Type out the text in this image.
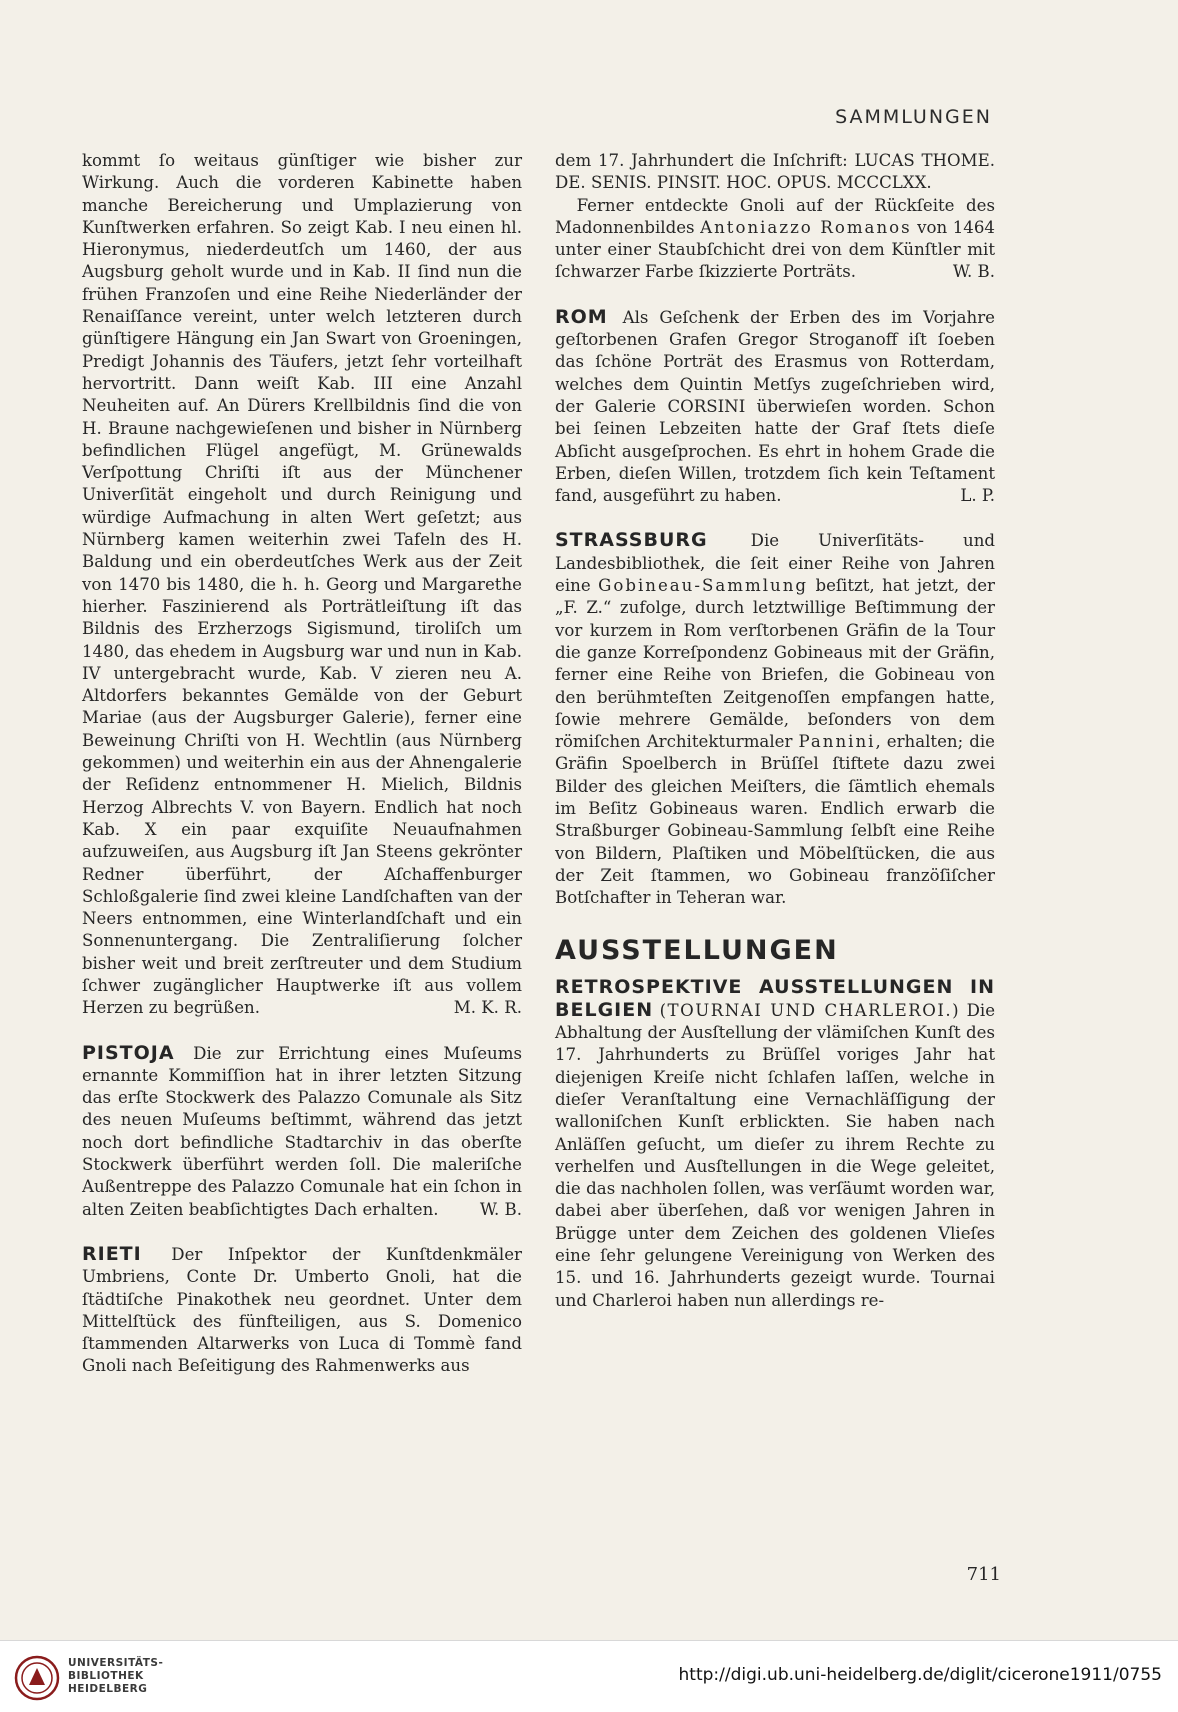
SAMMLUNGEN

kommt ſo weitaus günſtiger wie bisher zur Wirkung. Auch die vorderen Kabinette haben manche Bereicherung und Umplazierung von Kunſtwerken erfahren. So zeigt Kab. I neu einen hl. Hieronymus, niederdeutſch um 1460, der aus Augsburg geholt wurde und in Kab. II ſind nun die frühen Franzoſen und eine Reihe Niederländer der Renaiſſance vereint, unter welch letzteren durch günſtigere Hängung ein Jan Swart von Groeningen, Predigt Johannis des Täufers, jetzt ſehr vorteilhaft hervortritt. Dann weiſt Kab. III eine Anzahl Neuheiten auf. An Dürers Krellbildnis ſind die von H. Braune nachgewieſenen und bisher in Nürnberg befindlichen Flügel angefügt, M. Grünewalds Verſpottung Chriſti iſt aus der Münchener Univerſität eingeholt und durch Reinigung und würdige Aufmachung in alten Wert geſetzt; aus Nürnberg kamen weiterhin zwei Tafeln des H. Baldung und ein oberdeutſches Werk aus der Zeit von 1470 bis 1480, die h. h. Georg und Margarethe hierher. Faszinierend als Porträtleiſtung iſt das Bildnis des Erzherzogs Sigismund, tiroliſch um 1480, das ehedem in Augsburg war und nun in Kab. IV untergebracht wurde, Kab. V zieren neu A. Altdorfers bekanntes Gemälde von der Geburt Mariae (aus der Augsburger Galerie), ferner eine Beweinung Chriſti von H. Wechtlin (aus Nürnberg gekommen) und weiterhin ein aus der Ahnengalerie der Reſidenz entnommener H. Mielich, Bildnis Herzog Albrechts V. von Bayern. Endlich hat noch Kab. X ein paar exquiſite Neuaufnahmen aufzuweiſen, aus Augsburg iſt Jan Steens gekrönter Redner überführt, der Aſchaffenburger Schloßgalerie ſind zwei kleine Landſchaften van der Neers entnommen, eine Winterlandſchaft und ein Sonnenuntergang. Die Zentraliſierung ſolcher bisher weit und breit zerſtreuter und dem Studium ſchwer zugänglicher Hauptwerke iſt aus vollem Herzen zu begrüßen.	M. K. R.

PISTOJA Die zur Errichtung eines Muſeums ernannte Kommiſſion hat in ihrer letzten Sitzung das erſte Stockwerk des Palazzo Comunale als Sitz des neuen Muſeums beſtimmt, während das jetzt noch dort befindliche Stadtarchiv in das oberſte Stockwerk überführt werden ſoll. Die maleriſche Außentreppe des Palazzo Comunale hat ein ſchon in alten Zeiten beabſichtigtes Dach erhalten.	W. B.

RIETI Der Inſpektor der Kunſtdenkmäler Umbriens, Conte Dr. Umberto Gnoli, hat die ſtädtiſche Pinakothek neu geordnet. Unter dem Mittelſtück des fünfteiligen, aus S. Domenico ſtammenden Altarwerks von Luca di Tommè fand Gnoli nach Beſeitigung des Rahmenwerks aus

dem 17. Jahrhundert die Inſchrift: LUCAS THOME. DE. SENIS. PINSIT. HOC. OPUS. MCCCLXX.

Ferner entdeckte Gnoli auf der Rückſeite des Madonnenbildes Antoniazzo Romanos von 1464 unter einer Staubſchicht drei von dem Künſtler mit ſchwarzer Farbe ſkizzierte Porträts.	W. B.

ROM Als Geſchenk der Erben des im Vorjahre geſtorbenen Grafen Gregor Stroganoff iſt ſoeben das ſchöne Porträt des Erasmus von Rotterdam, welches dem Quintin Metſys zugeſchrieben wird, der Galerie CORSINI überwieſen worden. Schon bei ſeinen Lebzeiten hatte der Graf ſtets dieſe Abſicht ausgeſprochen. Es ehrt in hohem Grade die Erben, dieſen Willen, trotzdem ſich kein Teſtament fand, ausgeführt zu haben.	L. P.

STRASSBURG	Die Univerſitäts- und Landesbibliothek, die ſeit einer Reihe von Jahren eine Gobineau-Sammlung beſitzt, hat jetzt, der „F. Z.“ zufolge, durch letztwillige Beſtimmung der vor kurzem in Rom verſtorbenen Gräfin de la Tour die ganze Korreſpondenz Gobineaus mit der Gräfin, ferner eine Reihe von Briefen, die Gobineau von den berühmteſten Zeitgenoſſen empfangen hatte, ſowie mehrere Gemälde, beſonders von dem römiſchen Architekturmaler Pannini, erhalten; die Gräfin Spoelberch in Brüſſel ſtiftete dazu zwei Bilder des gleichen Meiſters, die ſämtlich ehemals im Beſitz Gobineaus waren. Endlich erwarb die Straßburger Gobineau-Sammlung ſelbſt eine Reihe von Bildern, Plaſtiken und Möbelſtücken, die aus der Zeit ſtammen, wo Gobineau franzöſiſcher Botſchafter in Teheran war.

AUSSTELLUNGEN

RETROSPEKTIVE AUSSTELLUNGEN IN BELGIEN (TOURNAI UND CHARLEROI.) Die Abhaltung der Ausſtellung der vlämiſchen Kunſt des 17. Jahrhunderts zu Brüſſel voriges Jahr hat diejenigen Kreiſe nicht ſchlafen laſſen, welche in dieſer Veranſtaltung eine Vernachläſſigung der walloniſchen Kunſt erblickten. Sie haben nach Anläſſen geſucht, um dieſer zu ihrem Rechte zu verhelfen und Ausſtellungen in die Wege geleitet, die das nachholen ſollen, was verſäumt worden war, dabei aber überſehen, daß vor wenigen Jahren in Brügge unter dem Zeichen des goldenen Vlieſes eine ſehr gelungene Vereinigung von Werken des 15. und 16. Jahrhunderts gezeigt wurde. Tournai und Charleroi haben nun allerdings re-

711
UNIVERSITÄTS-
BIBLIOTHEK
HEIDELBERG
http://digi.ub.uni-heidelberg.de/diglit/cicerone1911/0755
